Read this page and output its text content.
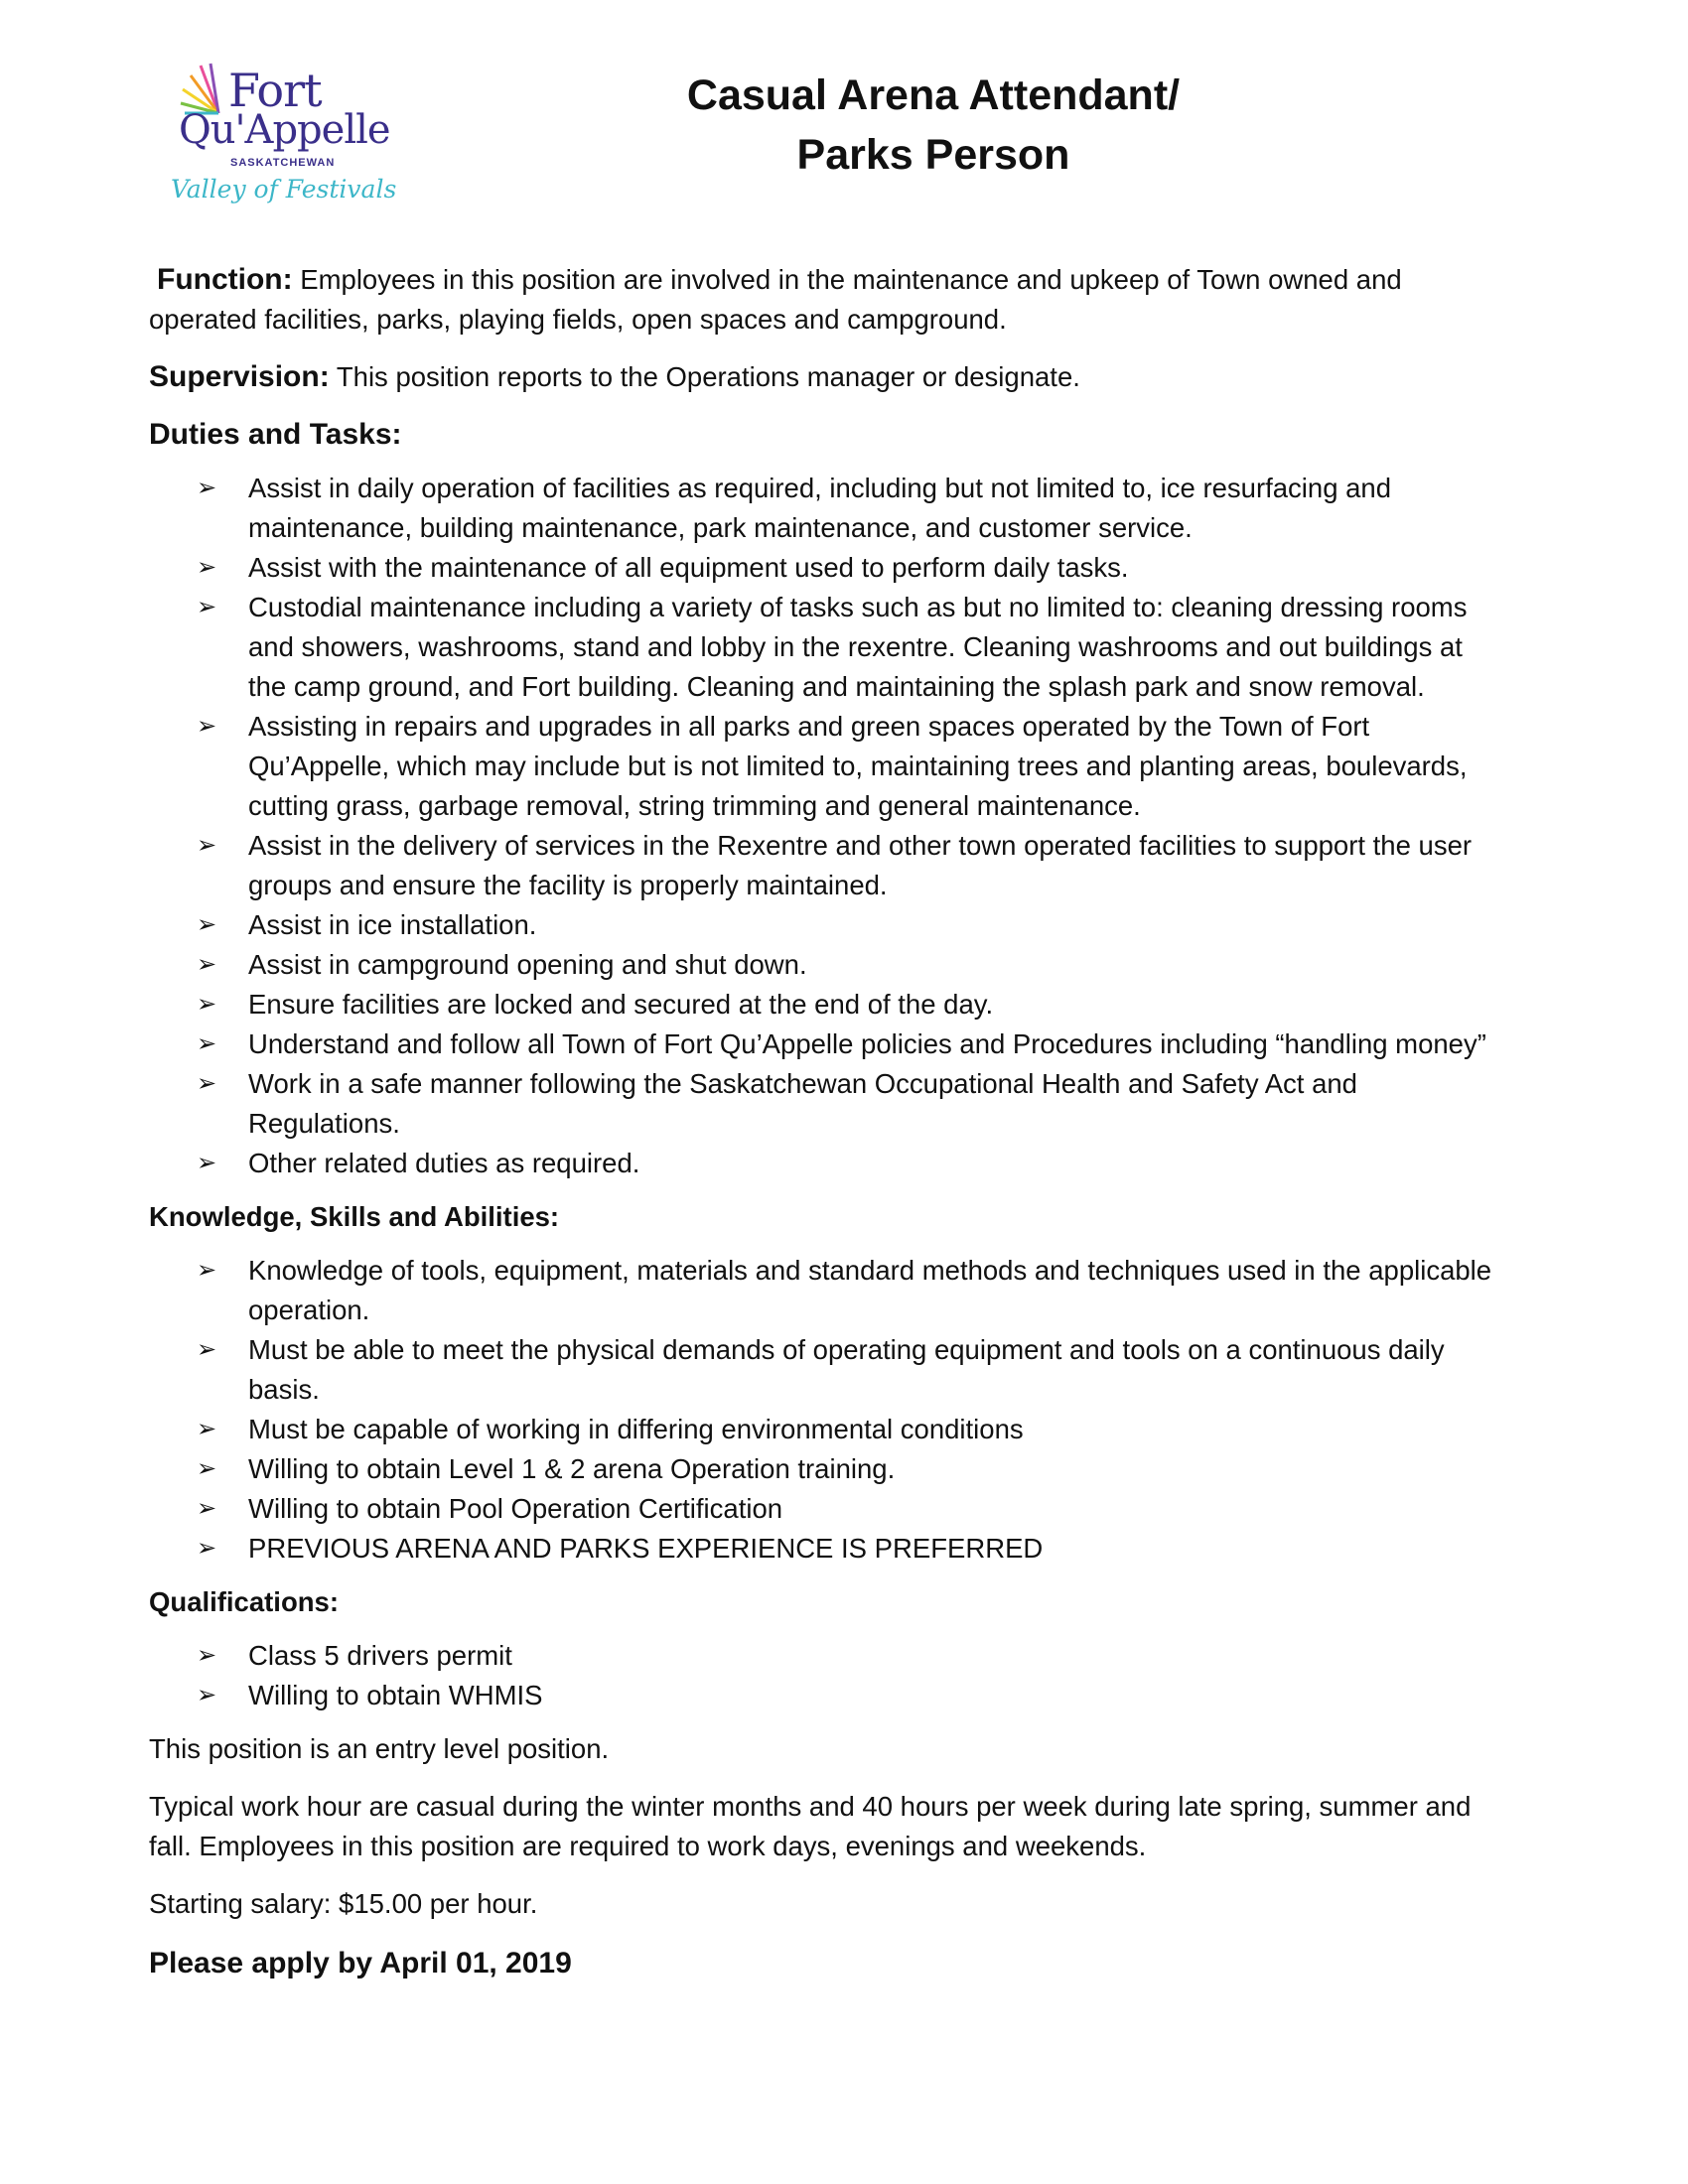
Fort
Qu'Appelle
SASKATCHEWAN
Valley of Festivals
Casual Arena Attendant/
Parks Person

Function: Employees in this position are involved in the maintenance and upkeep of Town owned and operated facilities, parks, playing fields, open spaces and campground.

Supervision: This position reports to the Operations manager or designate.

Duties and Tasks:
➢ Assist in daily operation of facilities as required, including but not limited to, ice resurfacing and maintenance, building maintenance, park maintenance, and customer service.
➢ Assist with the maintenance of all equipment used to perform daily tasks.
➢ Custodial maintenance including a variety of tasks such as but no limited to: cleaning dressing rooms and showers, washrooms, stand and lobby in the rexentre. Cleaning washrooms and out buildings at the camp ground, and Fort building. Cleaning and maintaining the splash park and snow removal.
➢ Assisting in repairs and upgrades in all parks and green spaces operated by the Town of Fort Qu’Appelle, which may include but is not limited to, maintaining trees and planting areas, boulevards, cutting grass, garbage removal, string trimming and general maintenance.
➢ Assist in the delivery of services in the Rexentre and other town operated facilities to support the user groups and ensure the facility is properly maintained.
➢ Assist in ice installation.
➢ Assist in campground opening and shut down.
➢ Ensure facilities are locked and secured at the end of the day.
➢ Understand and follow all Town of Fort Qu’Appelle policies and Procedures including “handling money”
➢ Work in a safe manner following the Saskatchewan Occupational Health and Safety Act and Regulations.
➢ Other related duties as required.
Knowledge, Skills and Abilities:
➢ Knowledge of tools, equipment, materials and standard methods and techniques used in the applicable operation.
➢ Must be able to meet the physical demands of operating equipment and tools on a continuous daily basis.
➢ Must be capable of working in differing environmental conditions
➢ Willing to obtain Level 1 & 2 arena Operation training.
➢ Willing to obtain Pool Operation Certification
➢ PREVIOUS ARENA AND PARKS EXPERIENCE IS PREFERRED
Qualifications:
➢ Class 5 drivers permit
➢ Willing to obtain WHMIS

This position is an entry level position.

Typical work hour are casual during the winter months and 40 hours per week during late spring, summer and fall. Employees in this position are required to work days, evenings and weekends.

Starting salary: $15.00 per hour.

Please apply by April 01, 2019
